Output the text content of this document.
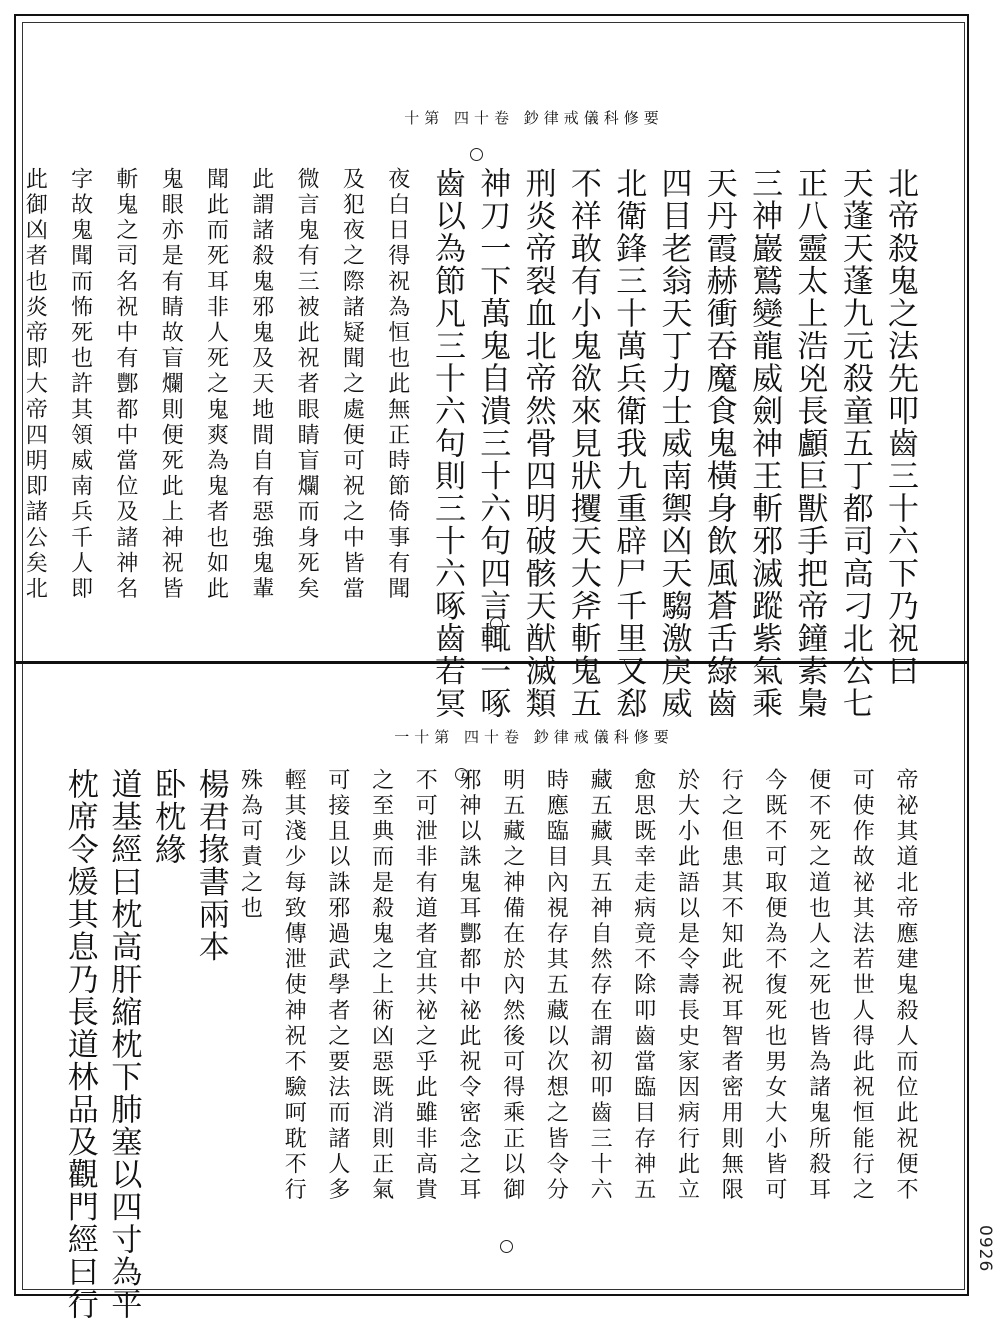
要修科儀戒律鈔 卷十四 第十
北帝殺鬼之法先叩齒三十六下乃祝曰
天蓬天蓬九元殺童五丁都司高刁北公七
正八靈太上浩兇長顱巨獸手把帝鐘素梟
三神巖鷲變龍威劍神王斬邪滅蹤紫氣乘
天丹霞赫衝吞魔食鬼橫身飲風蒼舌綠齒
四目老翁天丁力士威南禦凶天騶激戾威
北衛鋒三十萬兵衛我九重辟尸千里又郄
不祥敢有小鬼欲來見狀攫天大斧斬鬼五
刑炎帝裂血北帝然骨四明破骸天猷滅類
神刀一下萬鬼自潰三十六句四言輒一啄
齒以為節凡三十六句則三十六啄齒若冥
夜白日得祝為恒也此無正時節倚事有聞
及犯夜之際諸疑聞之處便可祝之中皆當
微言鬼有三被此祝者眼睛盲爛而身死矣
此謂諸殺鬼邪鬼及天地間自有惡強鬼輩
聞此而死耳非人死之鬼爽為鬼者也如此
鬼眼亦是有睛故盲爛則便死此上神祝皆
斬鬼之司名祝中有酆都中當位及諸神名
字故鬼聞而怖死也許其領威南兵千人即
此御凶者也炎帝即大帝四明即諸公矣北
要修科儀戒律鈔 卷十四 第十一
帝祕其道北帝應建鬼殺人而位此祝便不
可使作故祕其法若世人得此祝恒能行之
便不死之道也人之死也皆為諸鬼所殺耳
今既不可取便為不復死也男女大小皆可
行之但患其不知此祝耳智者密用則無限
於大小此語以是令壽長史家因病行此立
愈思既幸走病竟不除叩齒當臨目存神五
藏五藏具五神自然存在謂初叩齒三十六
時應臨目內視存其五藏以次想之皆令分
明五藏之神備在於內然後可得乘正以御
邪神以誅鬼耳酆都中祕此祝令密念之耳
不可泄非有道者宜共祕之乎此雖非高貴
之至典而是殺鬼之上術凶惡既消則正氣
可接且以誅邪過武學者之要法而諸人多
輕其淺少每致傳泄使神祝不驗呵耽不行
殊為可責之也
楊君掾書兩本
卧枕緣
道基經曰枕高肝縮枕下肺塞以四寸為平
枕席令煖其息乃長道林品及觀門經曰行	0926
